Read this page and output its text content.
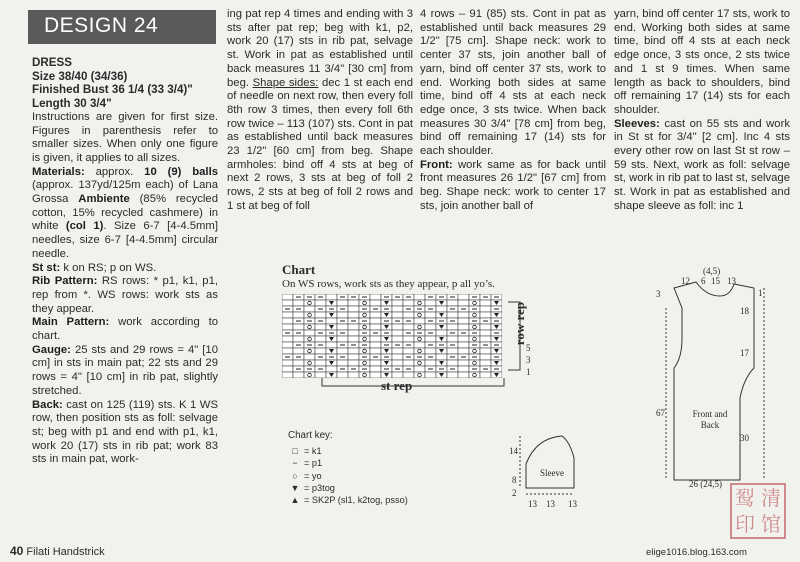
DESIGN 24

DRESS

Size 38/40 (34/36)

Finished Bust 36 1/4 (33 3/4)"

Length 30 3/4"

Instructions are given for first size. Figures in parenthesis refer to smaller sizes. When only one figure is given, it applies to all sizes.

Materials: approx. 10 (9) balls (approx. 137yd/125m each) of Lana Grossa Ambiente (85% recycled cotton, 15% recycled cashmere) in white (col 1). Size 6-7 [4-4.5mm] needles, size 6-7 [4-4.5mm] circular needle.

St st: k on RS; p on WS.

Rib Pattern: RS rows: * p1, k1, p1, rep from *. WS rows: work sts as they appear.

Main Pattern: work according to chart.

Gauge: 25 sts and 29 rows = 4" [10 cm] in sts in main pat; 22 sts and 29 rows = 4" [10 cm] in rib pat, slightly stretched.

Back: cast on 125 (119) sts. K 1 WS row, then position sts as foll: selvage st; beg with p1 and end with p1, k1, work 20 (17) sts in rib pat; work 83 sts in main pat, work-

ing pat rep 4 times and ending with 3 sts after pat rep; beg with k1, p2, work 20 (17) sts in rib pat, selvage st. Work in pat as established until back measures 11 3/4" [30 cm] from beg. Shape sides: dec 1 st each end of needle on next row, then every foll 8th row 3 times, then every foll 6th row twice – 113 (107) sts. Cont in pat as established until back measures 23 1/2" [60 cm] from beg. Shape armholes: bind off 4 sts at beg of next 2 rows, 3 sts at beg of foll 2 rows, 2 sts at beg of foll 2 rows and 1 st at beg of foll

4 rows – 91 (85) sts. Cont in pat as established until back measures 29 1/2" [75 cm]. Shape neck: work to center 37 sts, join another ball of yarn, bind off center 37 sts, work to end. Working both sides at same time, bind off 4 sts at each neck edge once, 3 sts twice. When back measures 30 3/4" [78 cm] from beg, bind off remaining 17 (14) sts for each shoulder.

Front: work same as for back until front measures 26 1/2" [67 cm] from beg. Shape neck: work to center 17 sts, join another ball of

yarn, bind off center 17 sts, work to end. Working both sides at same time, bind off 4 sts at each neck edge once, 3 sts once, 2 sts twice and 1 st 9 times. When same length as back to shoulders, bind off remaining 17 (14) sts for each shoulder.

Sleeves: cast on 55 sts and work in St st for 3/4" [2 cm]. Inc 4 sts every other row on last St st row – 59 sts. Next, work as foll: selvage st, work in rib pat to last st, selvage st. Work in pat as established and shape sleeve as foll: inc 1

Chart
On WS rows, work sts as they appear, p all yo’s.
st rep
row rep
5
3
1
Chart key:
□ = k1
− = p1
○ = yo
▼ = p3tog
▲ = SK2P (sl1, k2tog, psso)
Sleeve
14
8
2
13 13 13
(4,5)
12 6 15 13
3
67
1
18
17
30
Front and Back
26 (24,5)
40 Filati Handstrick	elige1016.blog.163.com
䴕 清
印 馆
